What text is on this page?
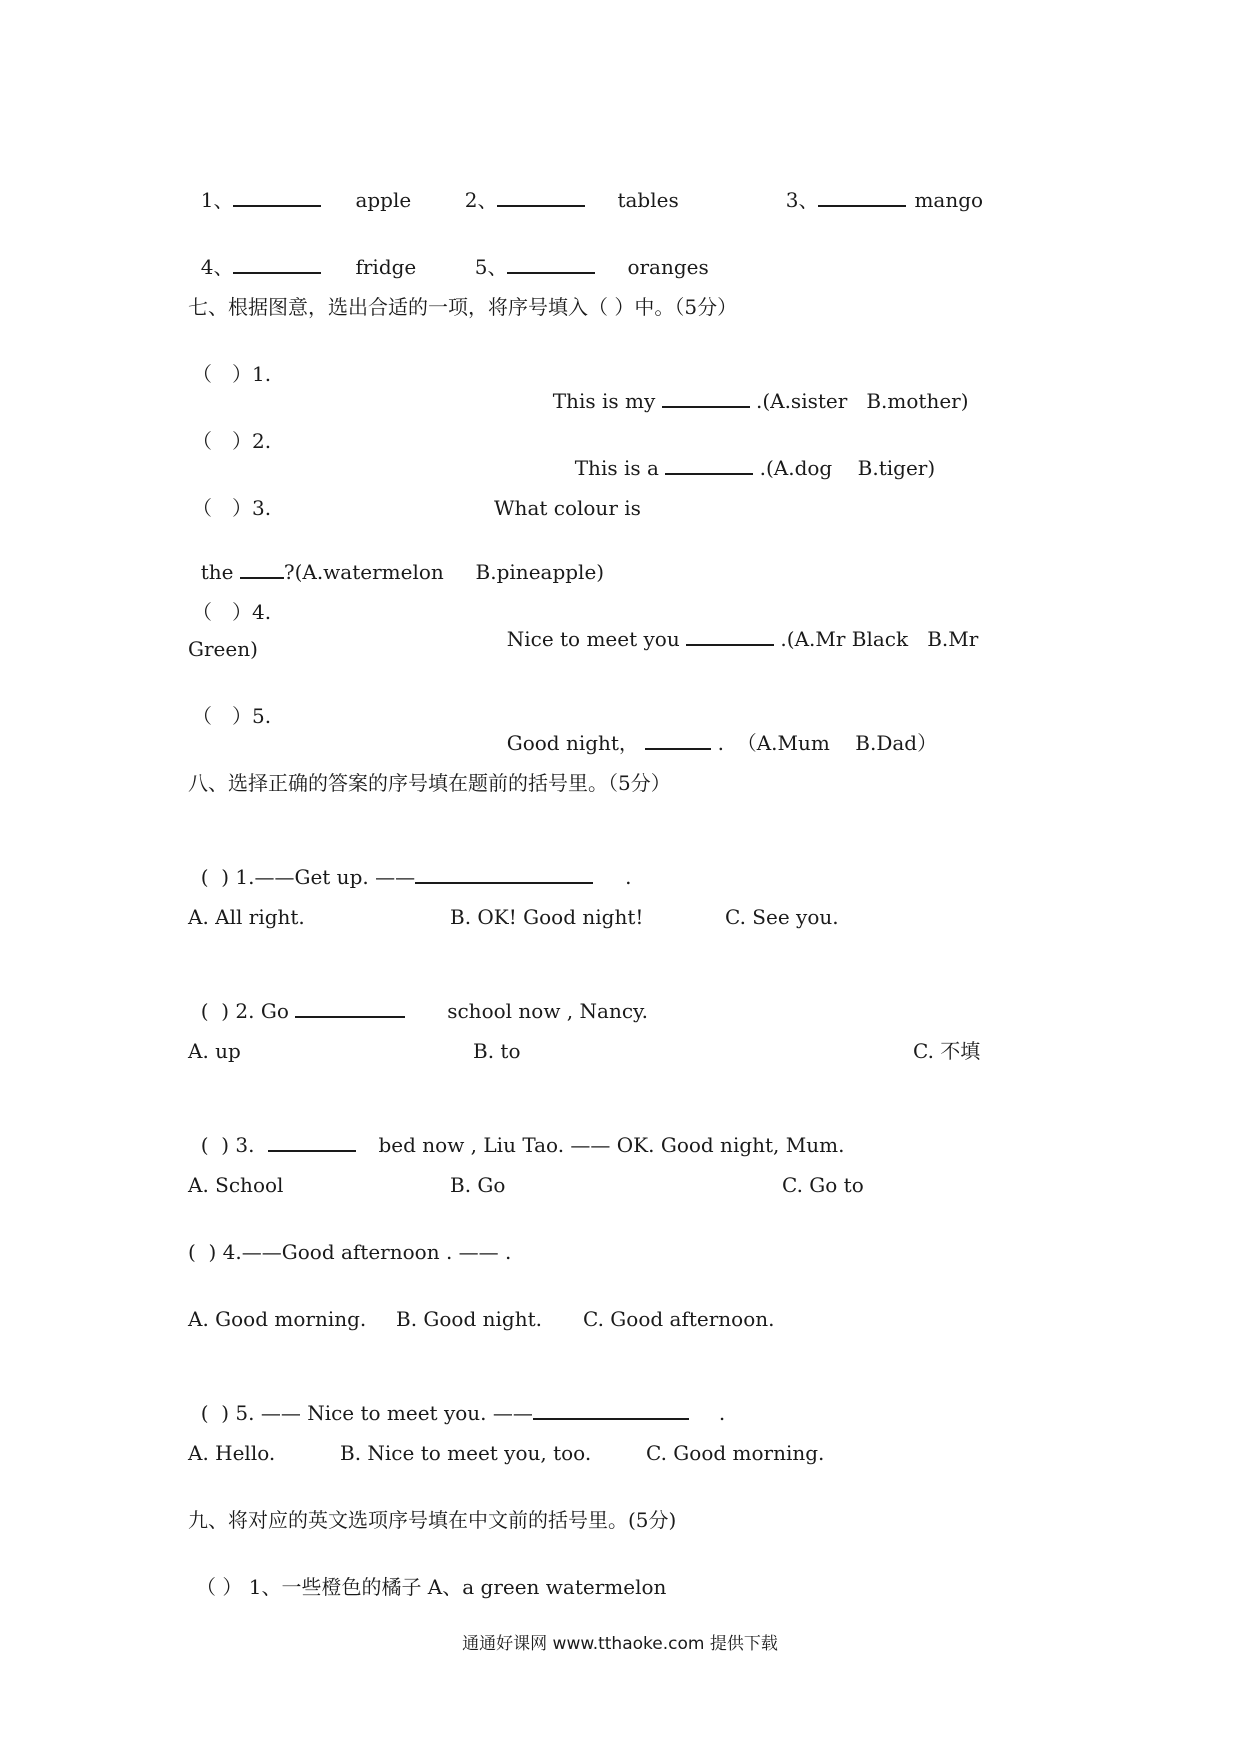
1、	apple	2、	tables	3、	mango

4、	fridge	5、	oranges

七、根据图意，选出合适的一项，将序号填入（ ）中。（5分）
（　）1.

This is my	.(A.sister   B.mother)

（　）2.

This is a	.(A.dog    B.tiger)

（　）3.	What colour is

the	?(A.watermelon     B.pineapple)

（　）4.

Nice to meet you	.(A.Mr Black   B.Mr

Green)
（　）5.

Good night，	.  （A.Mum    B.Dad）

八、选择正确的答案的序号填在题前的括号里。（5分）

(  ) 1.——Get up. ——	.

A. All right.	B. OK! Good night!	C. See you.

(  ) 2. Go	school now , Nancy.

A. up	B. to	C. 不填

(  ) 3.	bed now , Liu Tao. —— OK. Good night, Mum.

A. School	B. Go	C. Go to
(  ) 4.——Good afternoon . —— .
A. Good morning. B. Good night. C. Good afternoon.

(  ) 5. —— Nice to meet you. ——	.

A. Hello.	B. Nice to meet you, too.	C. Good morning.
九、将对应的英文选项序号填在中文前的括号里。(5分)
（ ） 1、一些橙色的橘子 A、a green watermelon
通通好课网 www.tthaoke.com 提供下载
